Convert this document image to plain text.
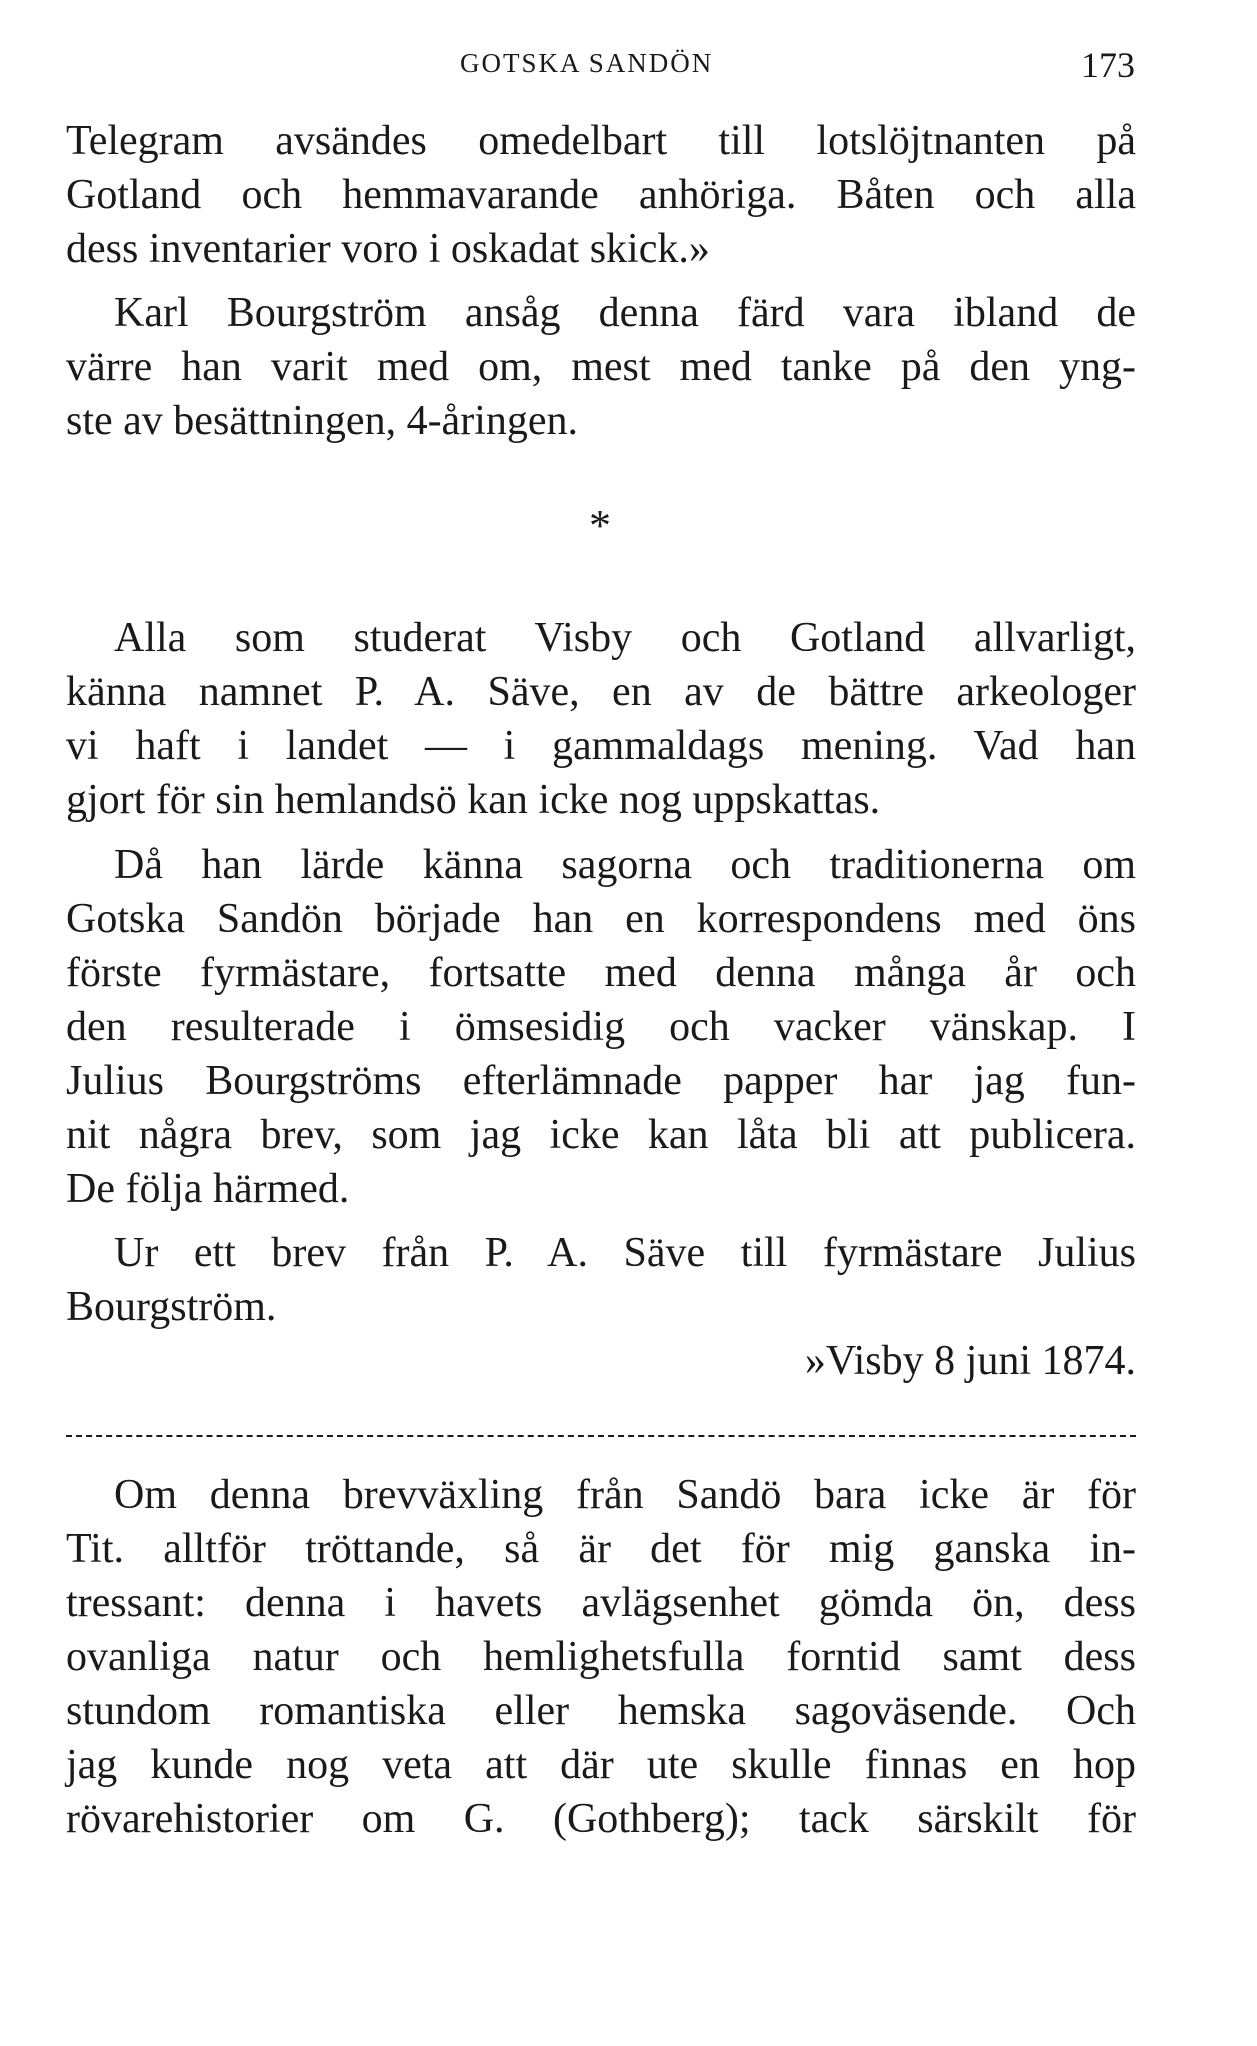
GOTSKA SANDÖN	173
Telegram avsändes omedelbart till lotslöjtnanten på
Gotland och hemmavarande anhöriga. Båten och alla
dess inventarier voro i oskadat skick.»
Karl Bourgström ansåg denna färd vara ibland de
värre han varit med om, mest med tanke på den yng-
ste av besättningen, 4-åringen.
*
Alla som studerat Visby och Gotland allvarligt,
känna namnet P. A. Säve, en av de bättre arkeologer
vi haft i landet — i gammaldags mening. Vad han
gjort för sin hemlandsö kan icke nog uppskattas.
Då han lärde känna sagorna och traditionerna om
Gotska Sandön började han en korrespondens med öns
förste fyrmästare, fortsatte med denna många år och
den resulterade i ömsesidig och vacker vänskap. I
Julius Bourgströms efterlämnade papper har jag fun-
nit några brev, som jag icke kan låta bli att publicera.
De följa härmed.
Ur ett brev från P. A. Säve till fyrmästare Julius
Bourgström.
»Visby 8 juni 1874.
Om denna brevväxling från Sandö bara icke är för
Tit. alltför tröttande, så är det för mig ganska in-
tressant: denna i havets avlägsenhet gömda ön, dess
ovanliga natur och hemlighetsfulla forntid samt dess
stundom romantiska eller hemska sagoväsende. Och
jag kunde nog veta att där ute skulle finnas en hop
rövarehistorier om G. (Gothberg); tack särskilt för
